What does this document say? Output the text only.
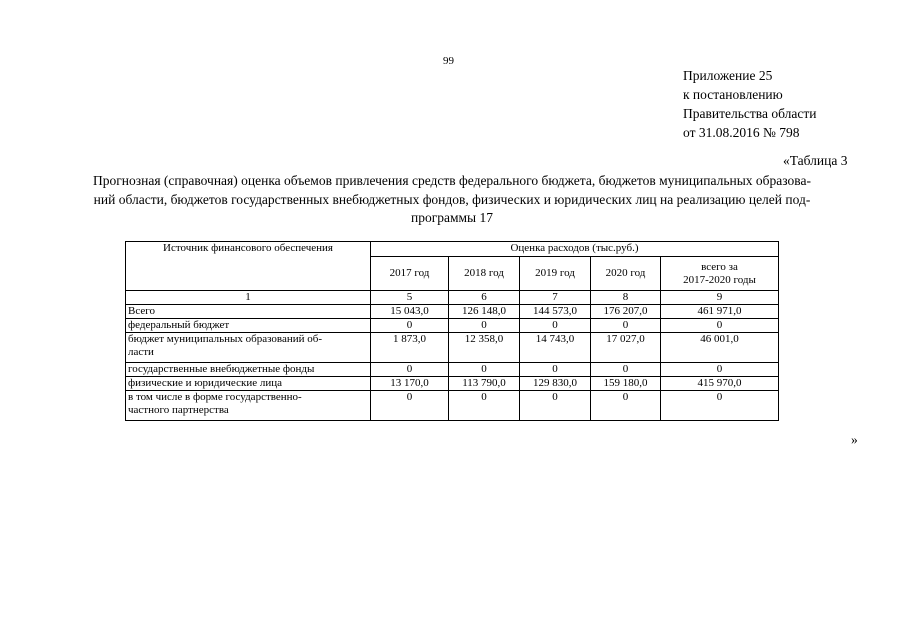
99
Приложение 25
к постановлению
Правительства области
от 31.08.2016 № 798
«Таблица 3
Прогнозная (справочная) оценка объемов привлечения средств федерального бюджета, бюджетов муниципальных образова-
ний области, бюджетов государственных внебюджетных фондов, физических и юридических лиц на реализацию целей под-
программы 17
Источник финансового обеспечения	Оценка расходов (тыс.руб.)				
	2017 год	2018 год	2019 год	2020 год	всего за
2017-2020 годы

1	5	6	7	8	9
Всего	15 043,0	126 148,0	144 573,0	176 207,0	461 971,0
федеральный бюджет	0	0	0	0	0

бюджет муниципальных образований об-
ласти	1 873,0	12 358,0	14 743,0	17 027,0	46 001,0
государственные внебюджетные фонды	0	0	0	0	0
физические и юридические лица	13 170,0	113 790,0	129 830,0	159 180,0	415 970,0

в том числе в форме государственно-
частного партнерства	0	0	0	0	0
»
